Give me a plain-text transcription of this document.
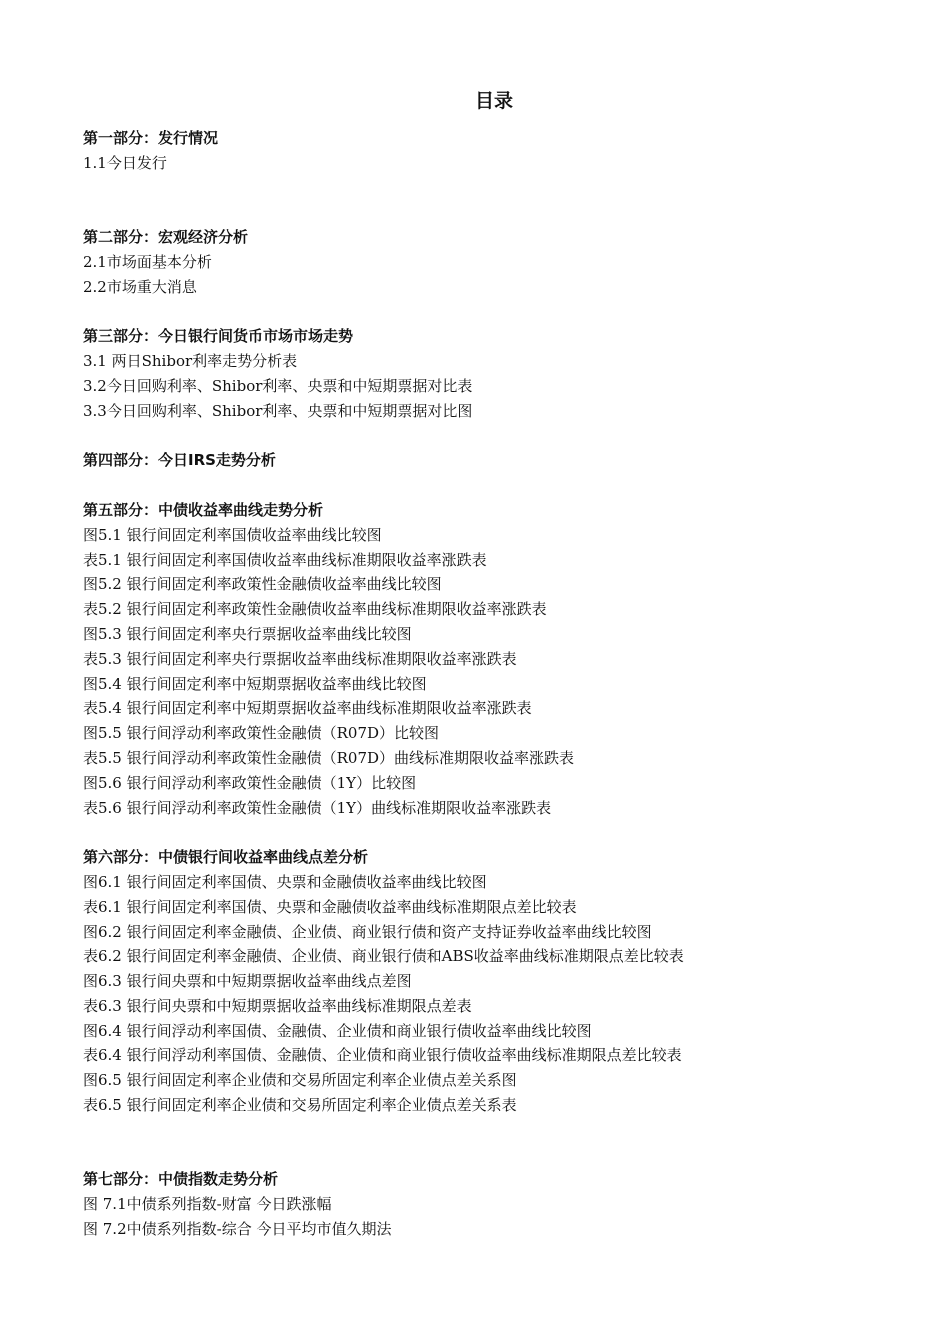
目录
第一部分：发行情况
1.1今日发行
第二部分：宏观经济分析
2.1市场面基本分析
2.2市场重大消息
第三部分：今日银行间货币市场市场走势
3.1 两日Shibor利率走势分析表
3.2今日回购利率、Shibor利率、央票和中短期票据对比表
3.3今日回购利率、Shibor利率、央票和中短期票据对比图
第四部分：今日IRS走势分析
第五部分：中债收益率曲线走势分析
图5.1 银行间固定利率国债收益率曲线比较图
表5.1 银行间固定利率国债收益率曲线标准期限收益率涨跌表
图5.2 银行间固定利率政策性金融债收益率曲线比较图
表5.2 银行间固定利率政策性金融债收益率曲线标准期限收益率涨跌表
图5.3 银行间固定利率央行票据收益率曲线比较图
表5.3 银行间固定利率央行票据收益率曲线标准期限收益率涨跌表
图5.4 银行间固定利率中短期票据收益率曲线比较图
表5.4 银行间固定利率中短期票据收益率曲线标准期限收益率涨跌表
图5.5 银行间浮动利率政策性金融债（R07D）比较图
表5.5 银行间浮动利率政策性金融债（R07D）曲线标准期限收益率涨跌表
图5.6 银行间浮动利率政策性金融债（1Y）比较图
表5.6 银行间浮动利率政策性金融债（1Y）曲线标准期限收益率涨跌表
第六部分：中债银行间收益率曲线点差分析
图6.1 银行间固定利率国债、央票和金融债收益率曲线比较图
表6.1 银行间固定利率国债、央票和金融债收益率曲线标准期限点差比较表
图6.2 银行间固定利率金融债、企业债、商业银行债和资产支持证券收益率曲线比较图
表6.2 银行间固定利率金融债、企业债、商业银行债和ABS收益率曲线标准期限点差比较表
图6.3 银行间央票和中短期票据收益率曲线点差图
表6.3 银行间央票和中短期票据收益率曲线标准期限点差表
图6.4 银行间浮动利率国债、金融债、企业债和商业银行债收益率曲线比较图
表6.4 银行间浮动利率国债、金融债、企业债和商业银行债收益率曲线标准期限点差比较表
图6.5 银行间固定利率企业债和交易所固定利率企业债点差关系图
表6.5 银行间固定利率企业债和交易所固定利率企业债点差关系表
第七部分：中债指数走势分析
图 7.1中债系列指数-财富 今日跌涨幅
图 7.2中债系列指数-综合 今日平均市值久期法
